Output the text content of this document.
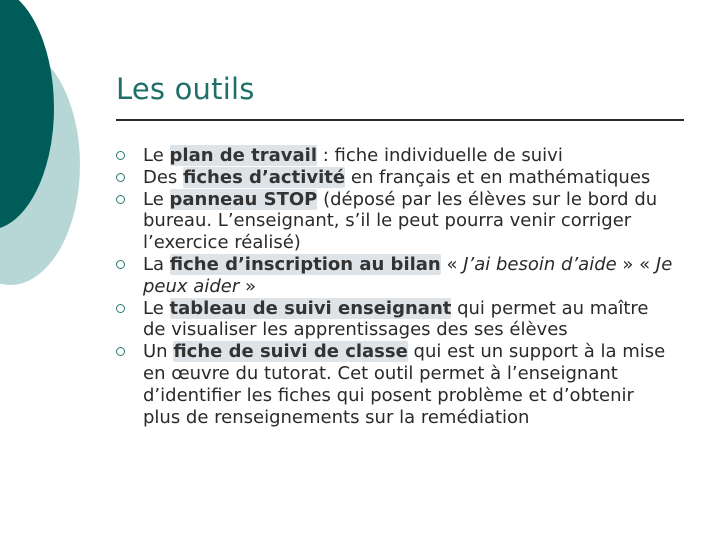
Les outils
Le plan de travail : fiche individuelle de suivi
Des fiches d’activité en français et en mathématiques
Le panneau STOP (déposé par les élèves sur le bord du bureau. L’enseignant, s’il le peut pourra venir corriger l’exercice réalisé)
La fiche d’inscription au bilan « J’ai besoin d’aide » « Je peux aider »
Le tableau de suivi enseignant qui permet au maître de visualiser les apprentissages des ses élèves
Un fiche de suivi de classe qui est un support à la mise en œuvre du tutorat. Cet outil permet à l’enseignant d’identifier les fiches qui posent problème et d’obtenir plus de renseignements sur la remédiation
